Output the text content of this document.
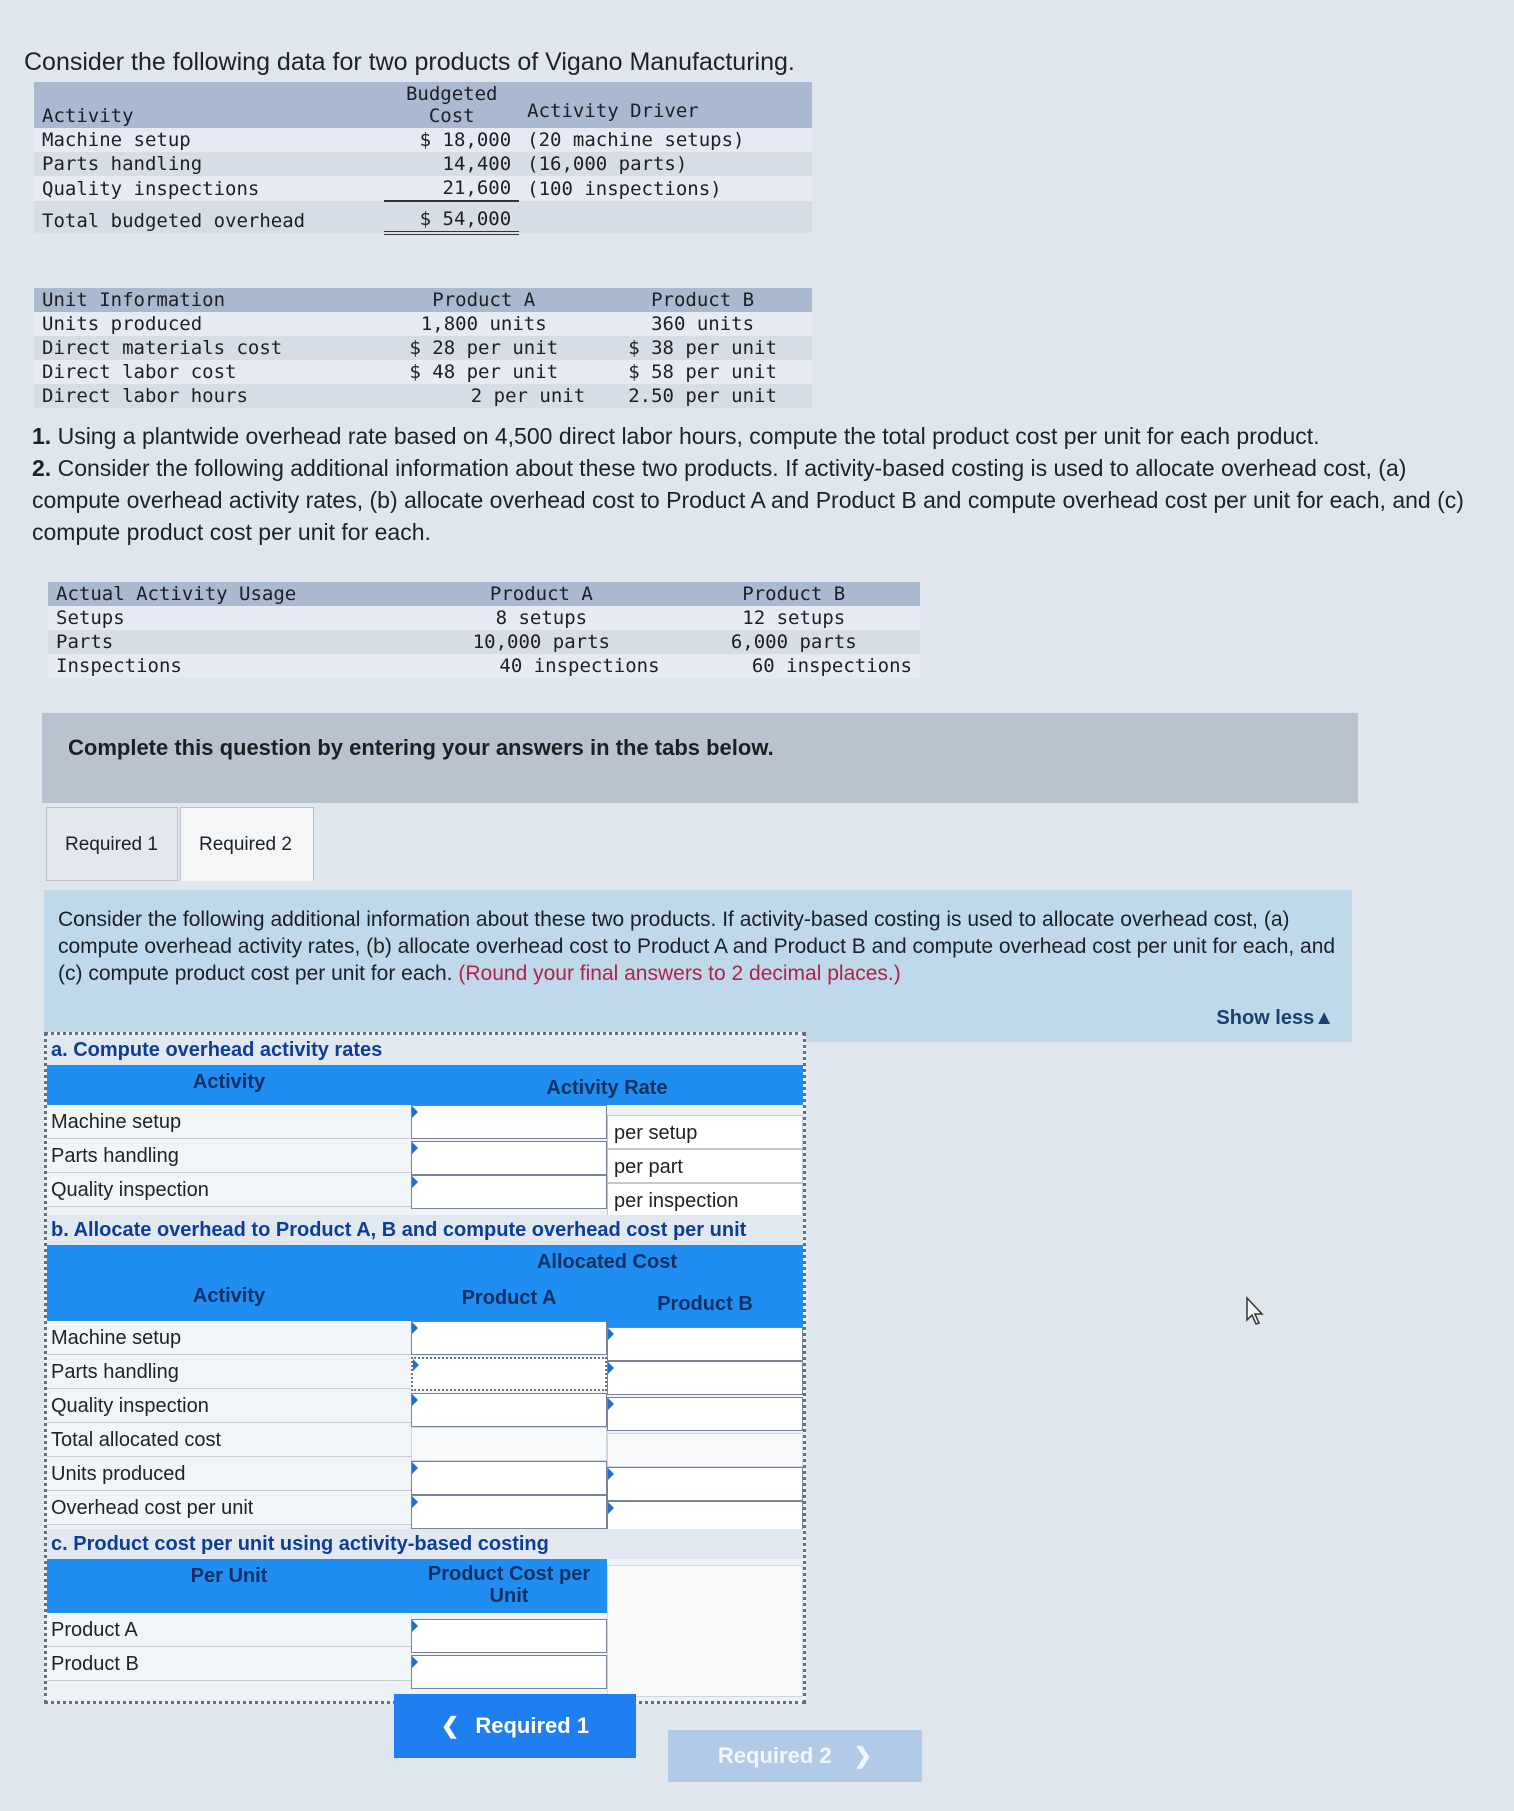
Consider the following data for two products of Vigano Manufacturing.
Activity	Budgeted
Cost	Activity Driver
Machine setup	$ 18,000	(20 machine setups)
Parts handling	14,400	(16,000 parts)
Quality inspections	21,600	(100 inspections)
Total budgeted overhead	$ 54,000	
Unit Information	Product A	Product B
Units produced	1,800 units	360 units
Direct materials cost	$ 28 per unit	$ 38 per unit
Direct labor cost	$ 48 per unit	$ 58 per unit
Direct labor hours	2 per unit	2.50 per unit

1. Using a plantwide overhead rate based on 4,500 direct labor hours, compute the total product cost per unit for each product.

2. Consider the following additional information about these two products. If activity-based costing is used to allocate overhead cost, (a) compute overhead activity rates, (b) allocate overhead cost to Product A and Product B and compute overhead cost per unit for each, and (c) compute product cost per unit for each.

Actual Activity Usage	Product A	Product B
Setups	8 setups	12 setups
Parts	10,000 parts	6,000 parts
Inspections	40 inspections	60 inspections
Complete this question by entering your answers in the tabs below.
Required 1	Required 2
Consider the following additional information about these two products. If activity-based costing is used to allocate overhead cost, (a) compute overhead activity rates, (b) allocate overhead cost to Product A and Product B and compute overhead cost per unit for each, and (c) compute product cost per unit for each. (Round your final answers to 2 decimal places.)
Show less▲
a. Compute overhead activity rates
Activity	Activity Rate
Machine setup	per setup
Parts handling	per part
Quality inspection	per inspection
b. Allocate overhead to Product A, B and compute overhead cost per unit
Activity
Allocated Cost
Product A	Product B
Machine setup
Parts handling
Quality inspection
Total allocated cost
Units produced
Overhead cost per unit
c. Product cost per unit using activity-based costing
Per Unit	Product Cost per
Unit
Product A
Product B
❮ Required 1
Required 2 ❯
